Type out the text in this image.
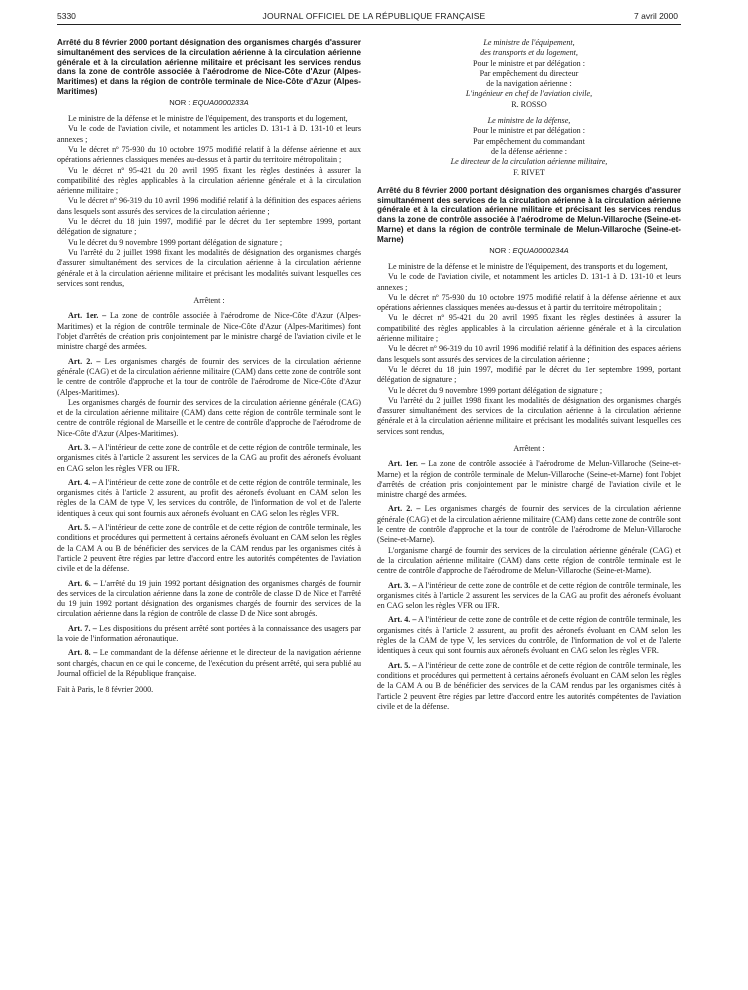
5330	JOURNAL OFFICIEL DE LA RÉPUBLIQUE FRANÇAISE	7 avril 2000
Arrêté du 8 février 2000 portant désignation des organismes chargés d'assurer simultanément des services de la circulation aérienne à la circulation aérienne générale et à la circulation aérienne militaire et précisant les services rendus dans la zone de contrôle associée à l'aérodrome de Nice-Côte d'Azur (Alpes-Maritimes) et dans la région de contrôle terminale de Nice-Côte d'Azur (Alpes-Maritimes)
NOR : EQUA0000233A

Le ministre de la défense et le ministre de l'équipement, des transports et du logement,

Vu le code de l'aviation civile, et notamment les articles D. 131-1 à D. 131-10 et leurs annexes ;

Vu le décret nº 75-930 du 10 octobre 1975 modifié relatif à la défense aérienne et aux opérations aériennes classiques menées au-dessus et à partir du territoire métropolitain ;

Vu le décret nº 95-421 du 20 avril 1995 fixant les règles destinées à assurer la compatibilité des règles applicables à la circulation aérienne générale et à la circulation aérienne militaire ;

Vu le décret nº 96-319 du 10 avril 1996 modifié relatif à la définition des espaces aériens dans lesquels sont assurés des services de la circulation aérienne ;

Vu le décret du 18 juin 1997, modifié par le décret du 1er septembre 1999, portant délégation de signature ;

Vu le décret du 9 novembre 1999 portant délégation de signature ;

Vu l'arrêté du 2 juillet 1998 fixant les modalités de désignation des organismes chargés d'assurer simultanément des services de la circulation aérienne à la circulation aérienne générale et à la circulation aérienne militaire et précisant les modalités suivant lesquelles ces services sont rendus,

Arrêtent :

Art. 1er. – La zone de contrôle associée à l'aérodrome de Nice-Côte d'Azur (Alpes-Maritimes) et la région de contrôle terminale de Nice-Côte d'Azur (Alpes-Maritimes) font l'objet d'arrêtés de création pris conjointement par le ministre chargé de l'aviation civile et le ministre chargé des armées.

Art. 2. – Les organismes chargés de fournir des services de la circulation aérienne générale (CAG) et de la circulation aérienne militaire (CAM) dans cette zone de contrôle sont le centre de contrôle d'approche et la tour de contrôle de l'aérodrome de Nice-Côte d'Azur (Alpes-Maritimes).

Les organismes chargés de fournir des services de la circulation aérienne générale (CAG) et de la circulation aérienne militaire (CAM) dans cette région de contrôle terminale sont le centre de contrôle régional de Marseille et le centre de contrôle d'approche de l'aérodrome de Nice-Côte d'Azur (Alpes-Maritimes).

Art. 3. – A l'intérieur de cette zone de contrôle et de cette région de contrôle terminale, les organismes cités à l'article 2 assurent les services de la CAG au profit des aéronefs évoluant en CAG selon les règles VFR ou IFR.

Art. 4. – A l'intérieur de cette zone de contrôle et de cette région de contrôle terminale, les organismes cités à l'article 2 assurent, au profit des aéronefs évoluant en CAM selon les règles de la CAM de type V, les services du contrôle, de l'information de vol et de l'alerte identiques à ceux qui sont fournis aux aéronefs évoluant en CAG selon les règles VFR.

Art. 5. – A l'intérieur de cette zone de contrôle et de cette région de contrôle terminale, les conditions et procédures qui permettent à certains aéronefs évoluant en CAM selon les règles de la CAM A ou B de bénéficier des services de la CAM rendus par les organismes cités à l'article 2 peuvent être régies par lettre d'accord entre les autorités compétentes de l'aviation civile et de la défense.

Art. 6. – L'arrêté du 19 juin 1992 portant désignation des organismes chargés de fournir des services de la circulation aérienne dans la zone de contrôle de classe D de Nice et l'arrêté du 19 juin 1992 portant désignation des organismes chargés de fournir des services de la circulation aérienne dans la région de contrôle de classe D de Nice sont abrogés.

Art. 7. – Les dispositions du présent arrêté sont portées à la connaissance des usagers par la voie de l'information aéronautique.

Art. 8. – Le commandant de la défense aérienne et le directeur de la navigation aérienne sont chargés, chacun en ce qui le concerne, de l'exécution du présent arrêté, qui sera publié au Journal officiel de la République française.

Fait à Paris, le 8 février 2000.

Le ministre de l'équipement,
des transports et du logement,
Pour le ministre et par délégation :
Par empêchement du directeur
de la navigation aérienne :
L'ingénieur en chef de l'aviation civile,
R. ROSSO
Le ministre de la défense,
Pour le ministre et par délégation :
Par empêchement du commandant
de la défense aérienne :
Le directeur de la circulation aérienne militaire,
F. RIVET
Arrêté du 8 février 2000 portant désignation des organismes chargés d'assurer simultanément des services de la circulation aérienne à la circulation aérienne générale et à la circulation aérienne militaire et précisant les services rendus dans la zone de contrôle associée à l'aérodrome de Melun-Villaroche (Seine-et-Marne) et dans la région de contrôle terminale de Melun-Villaroche (Seine-et-Marne)
NOR : EQUA0000234A

Le ministre de la défense et le ministre de l'équipement, des transports et du logement,

Vu le code de l'aviation civile, et notamment les articles D. 131-1 à D. 131-10 et leurs annexes ;

Vu le décret nº 75-930 du 10 octobre 1975 modifié relatif à la défense aérienne et aux opérations aériennes classiques menées au-dessus et à partir du territoire métropolitain ;

Vu le décret nº 95-421 du 20 avril 1995 fixant les règles destinées à assurer la compatibilité des règles applicables à la circulation aérienne générale et à la circulation aérienne militaire ;

Vu le décret nº 96-319 du 10 avril 1996 modifié relatif à la définition des espaces aériens dans lesquels sont assurés des services de la circulation aérienne ;

Vu le décret du 18 juin 1997, modifié par le décret du 1er septembre 1999, portant délégation de signature ;

Vu le décret du 9 novembre 1999 portant délégation de signature ;

Vu l'arrêté du 2 juillet 1998 fixant les modalités de désignation des organismes chargés d'assurer simultanément des services de la circulation aérienne à la circulation aérienne générale et à la circulation aérienne militaire et précisant les modalités suivant lesquelles ces services sont rendus,

Arrêtent :

Art. 1er. – La zone de contrôle associée à l'aérodrome de Melun-Villaroche (Seine-et-Marne) et la région de contrôle terminale de Melun-Villaroche (Seine-et-Marne) font l'objet d'arrêtés de création pris conjointement par le ministre chargé de l'aviation civile et le ministre chargé des armées.

Art. 2. – Les organismes chargés de fournir des services de la circulation aérienne générale (CAG) et de la circulation aérienne militaire (CAM) dans cette zone de contrôle sont le centre de contrôle d'approche et la tour de contrôle de l'aérodrome de Melun-Villaroche (Seine-et-Marne).

L'organisme chargé de fournir des services de la circulation aérienne générale (CAG) et de la circulation aérienne militaire (CAM) dans cette région de contrôle terminale est le centre de contrôle d'approche de l'aérodrome de Melun-Villaroche (Seine-et-Marne).

Art. 3. – A l'intérieur de cette zone de contrôle et de cette région de contrôle terminale, les organismes cités à l'article 2 assurent les services de la CAG au profit des aéronefs évoluant en CAG selon les règles VFR ou IFR.

Art. 4. – A l'intérieur de cette zone de contrôle et de cette région de contrôle terminale, les organismes cités à l'article 2 assurent, au profit des aéronefs évoluant en CAM selon les règles de la CAM de type V, les services du contrôle, de l'information de vol et de l'alerte identiques à ceux qui sont fournis aux aéronefs évoluant en CAG selon les règles VFR.

Art. 5. – A l'intérieur de cette zone de contrôle et de cette région de contrôle terminale, les conditions et procédures qui permettent à certains aéronefs évoluant en CAM selon les règles de la CAM A ou B de bénéficier des services de la CAM rendus par les organismes cités à l'article 2 peuvent être régies par lettre d'accord entre les autorités compétentes de l'aviation civile et de la défense.
